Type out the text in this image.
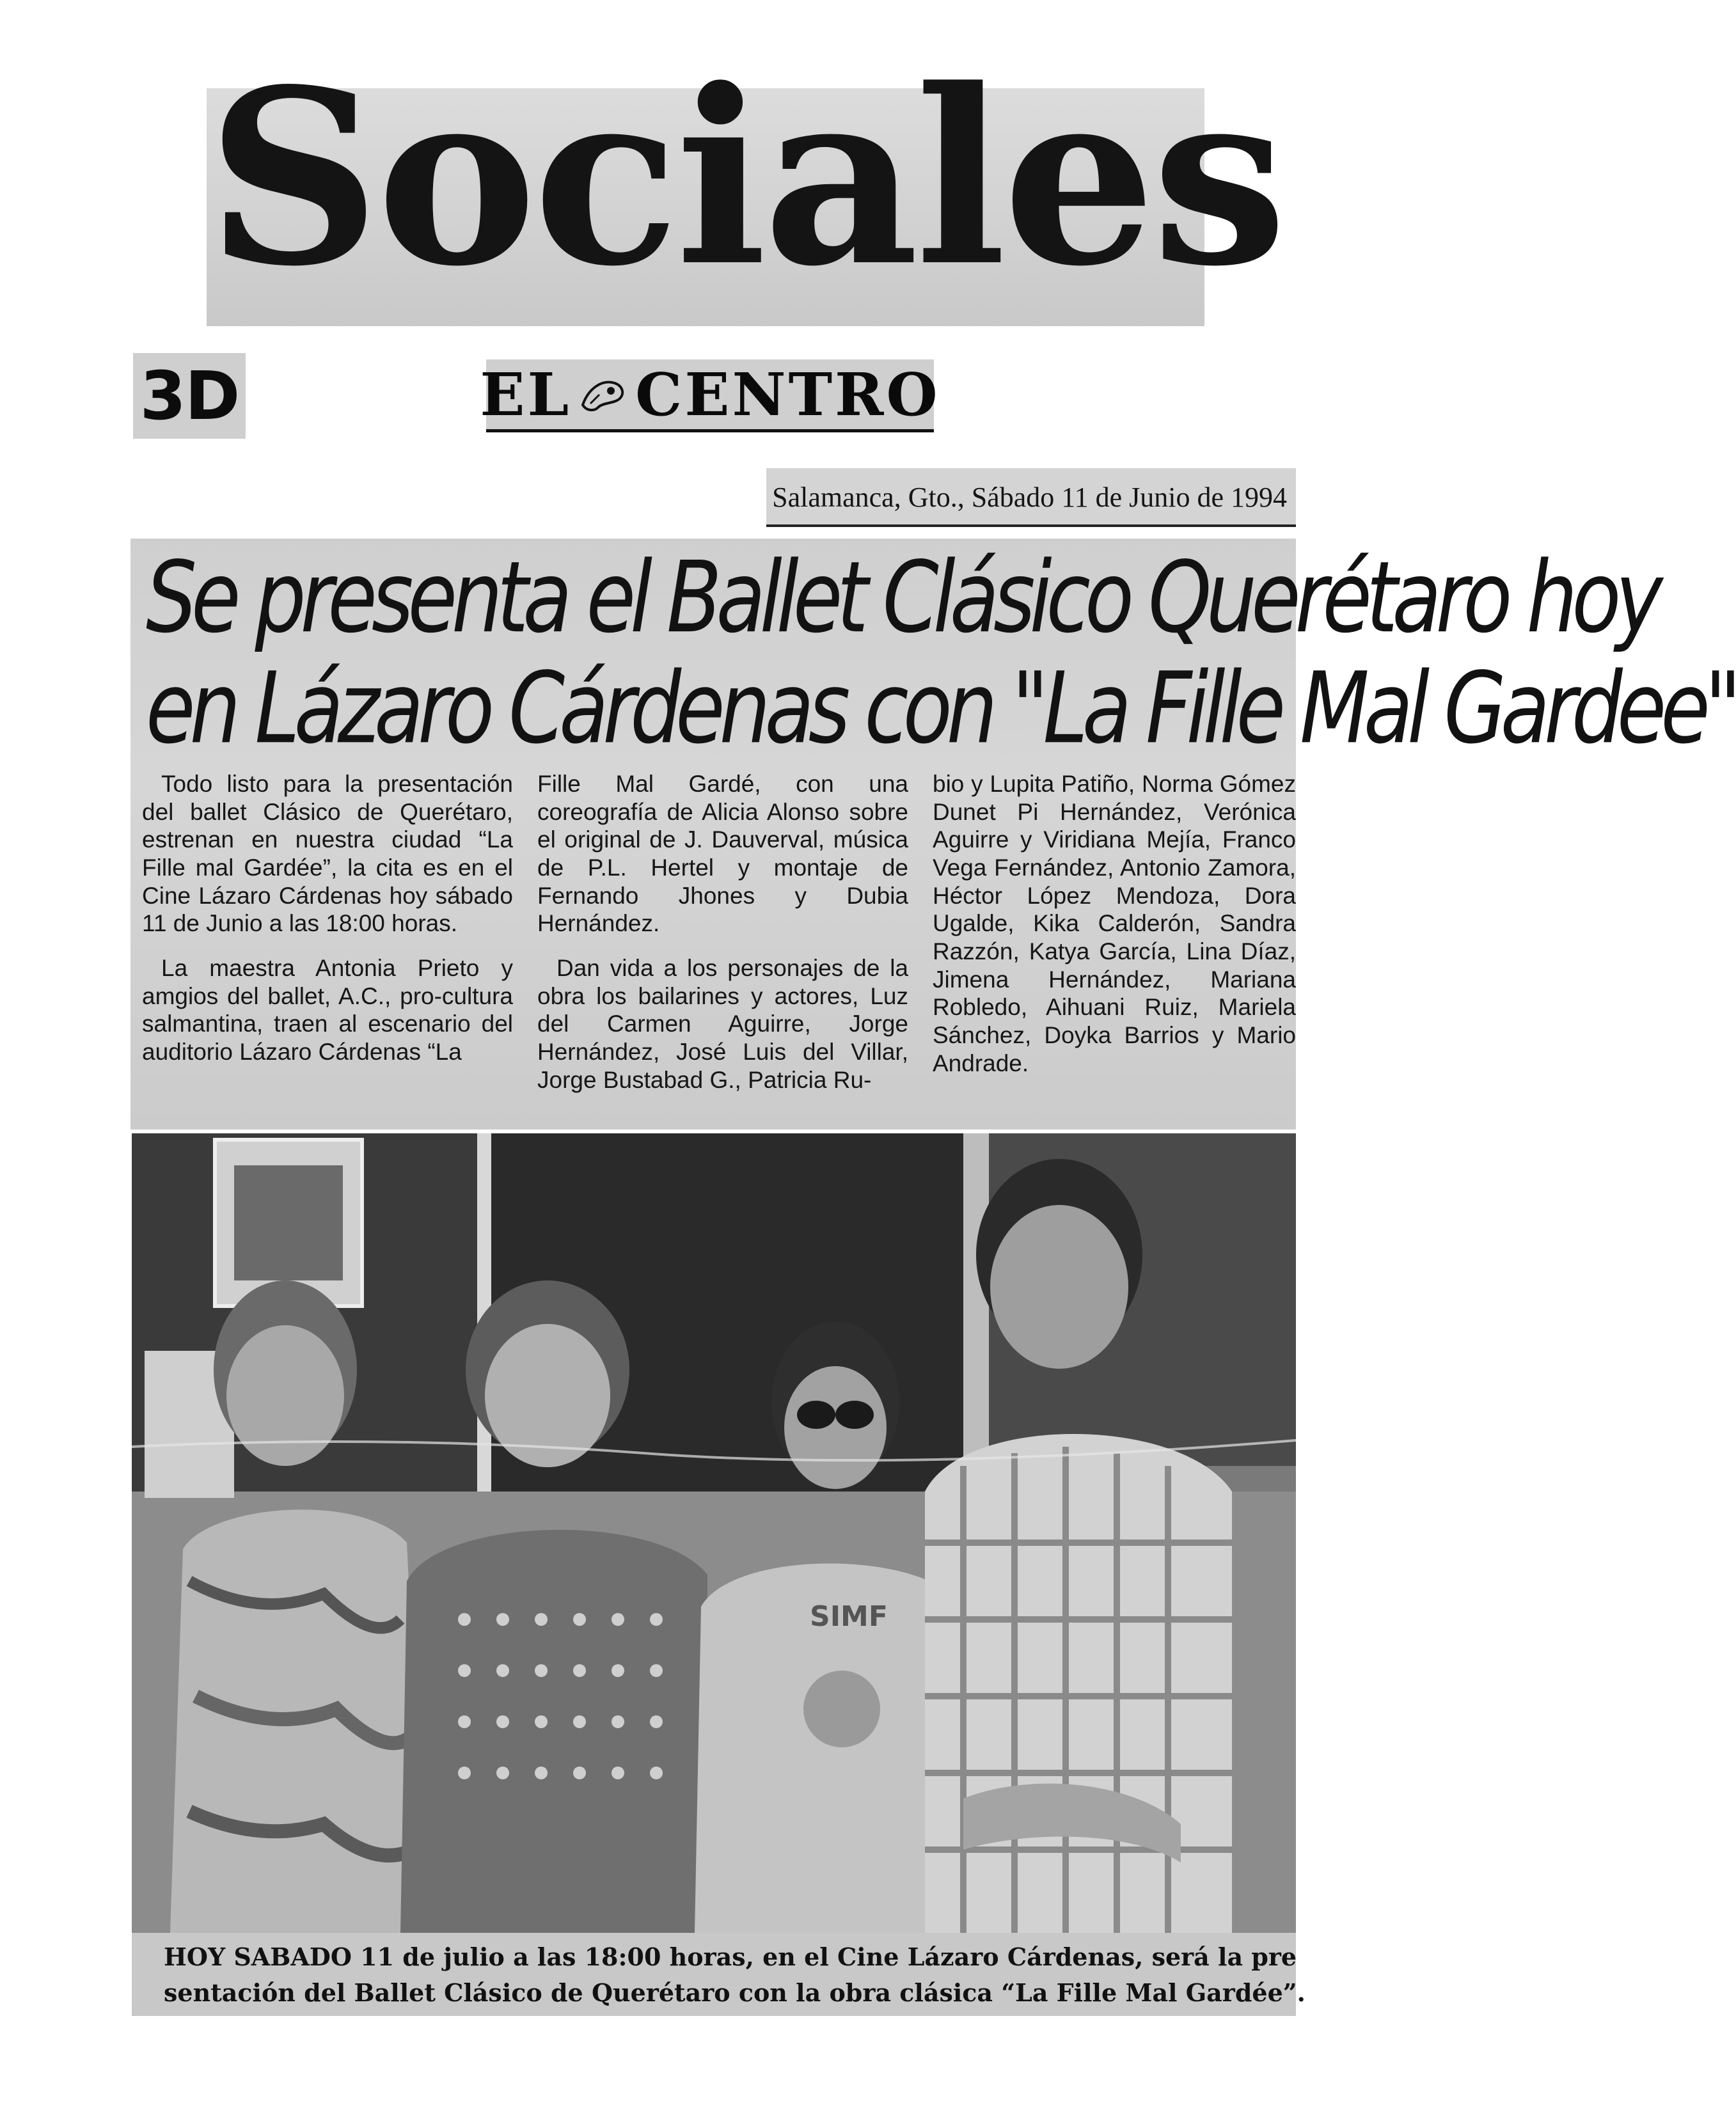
Sociales
3D	EL CENTRO
Salamanca, Gto., Sábado 11 de Junio de 1994
Se presenta el Ballet Clásico Querétaro hoy
en Lázaro Cárdenas con "La Fille Mal Gardee"

Todo listo para la presentación del ballet Clásico de Querétaro, estrenan en nuestra ciudad “La Fille mal Gardée”, la cita es en el Cine Lázaro Cárdenas hoy sábado 11 de Junio a las 18:00 horas.

La maestra Antonia Prieto y amgios del ballet, A.C., pro-cultura salmantina, traen al escenario del auditorio Lázaro Cárdenas “La

Fille Mal Gardé, con una coreografía de Alicia Alonso sobre el original de J. Dauverval, música de P.L. Hertel y montaje de Fernando Jhones y Dubia Hernández.

Dan vida a los personajes de la obra los bailarines y actores, Luz del Carmen Aguirre, Jorge Hernández, José Luis del Villar, Jorge Bustabad G., Patricia Ru-

bio y Lupita Patiño, Norma Gómez Dunet Pi Hernández, Verónica Aguirre y Viridiana Mejía, Franco Vega Fernández, Antonio Zamora, Héctor López Mendoza, Dora Ugalde, Kika Calderón, Sandra Razzón, Katya García, Lina Díaz, Jimena Hernández, Mariana Robledo, Aihuani Ruiz, Mariela Sánchez, Doyka Barrios y Mario Andrade.

SIMF
HOY SABADO 11 de julio a las 18:00 horas, en el Cine Lázaro Cárdenas, será la pre
sentación del Ballet Clásico de Querétaro con la obra clásica “La Fille Mal Gardée”.
